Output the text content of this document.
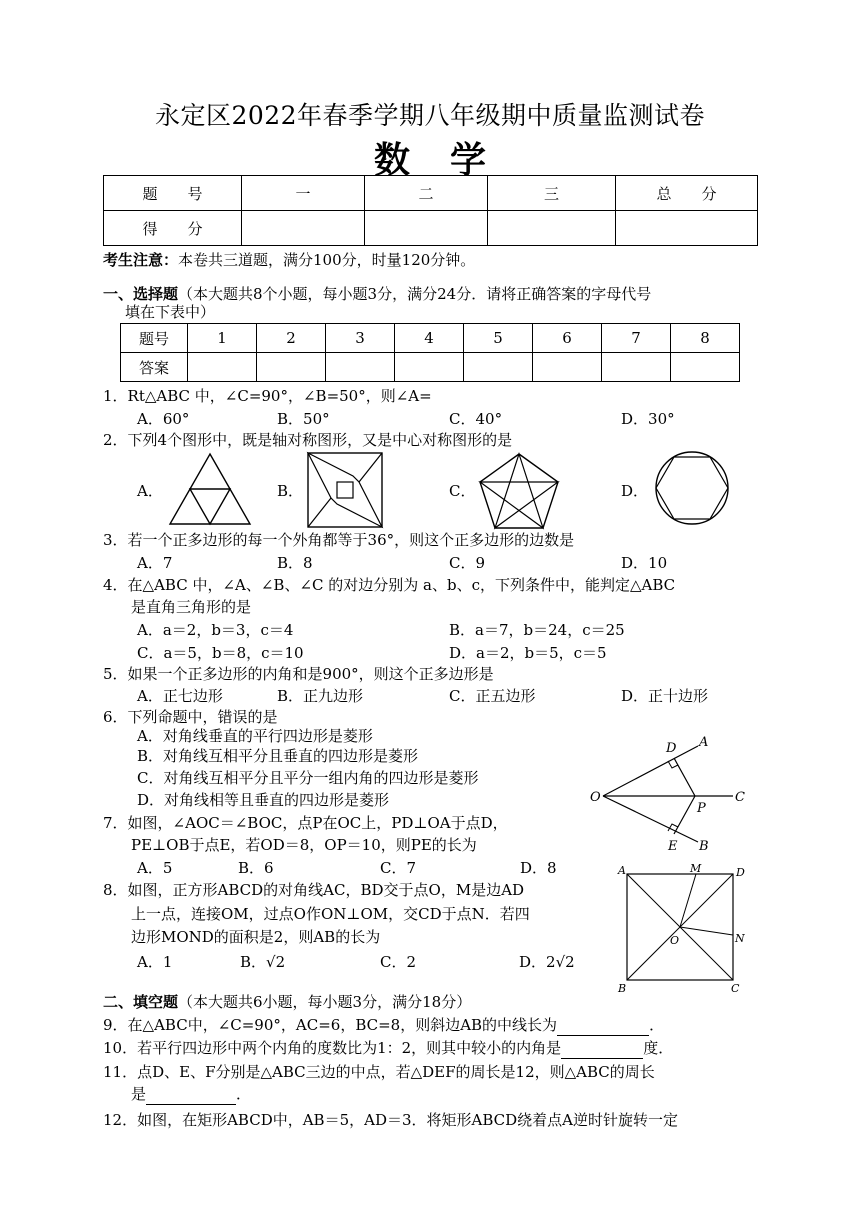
永定区2022年春季学期八年级期中质量监测试卷
数学
题　　号	一	二	三	总　　分
得　　分				
考生注意：本卷共三道题，满分100分，时量120分钟。
一、选择题（本大题共8个小题，每小题3分，满分24分．请将正确答案的字母代号
填在下表中）
题号	1	2	3	4	5	6	7	8
答案								
1．Rt△ABC 中，∠C=90°，∠B=50°，则∠A=
A．60°	B．50°	C．40°	D．30°
2．下列4个图形中，既是轴对称图形，又是中心对称图形的是
A．	B．	C．	D．
3．若一个正多边形的每一个外角都等于36°，则这个正多边形的边数是
A．7	B．8	C．9	D．10
4．在△ABC 中，∠A、∠B、∠C 的对边分别为 a、b、c，下列条件中，能判定△ABC
是直角三角形的是
A．a＝2，b＝3，c＝4	B．a＝7，b＝24，c＝25
C．a＝5，b＝8，c＝10	D．a＝2，b＝5，c＝5
5．如果一个正多边形的内角和是900°，则这个正多边形是
A．正七边形	B．正九边形	C．正五边形	D．正十边形
6．下列命题中，错误的是
A．对角线垂直的平行四边形是菱形
B．对角线互相平分且垂直的四边形是菱形
C．对角线互相平分且平分一组内角的四边形是菱形
D．对角线相等且垂直的四边形是菱形
D A
O
P
C
E B
7．如图，∠AOC＝∠BOC，点P在OC上，PD⊥OA于点D，
PE⊥OB于点E，若OD＝8，OP＝10，则PE的长为
A．5	B．6	C．7	D．8	A	M	D
O	N
B	C
8．如图，正方形ABCD的对角线AC，BD交于点O，M是边AD
上一点，连接OM，过点O作ON⊥OM，交CD于点N．若四
边形MOND的面积是2，则AB的长为
A．1	B．√2	C．2	D．2√2
二、填空题（本大题共6小题，每小题3分，满分18分）
9．在△ABC中，∠C=90°，AC=6，BC=8，则斜边AB的中线长为	．
10．若平行四边形中两个内角的度数比为1：2，则其中较小的内角是	度．
11．点D、E、F分别是△ABC三边的中点，若△DEF的周长是12，则△ABC的周长
是	．
12．如图，在矩形ABCD中，AB＝5，AD＝3．将矩形ABCD绕着点A逆时针旋转一定
